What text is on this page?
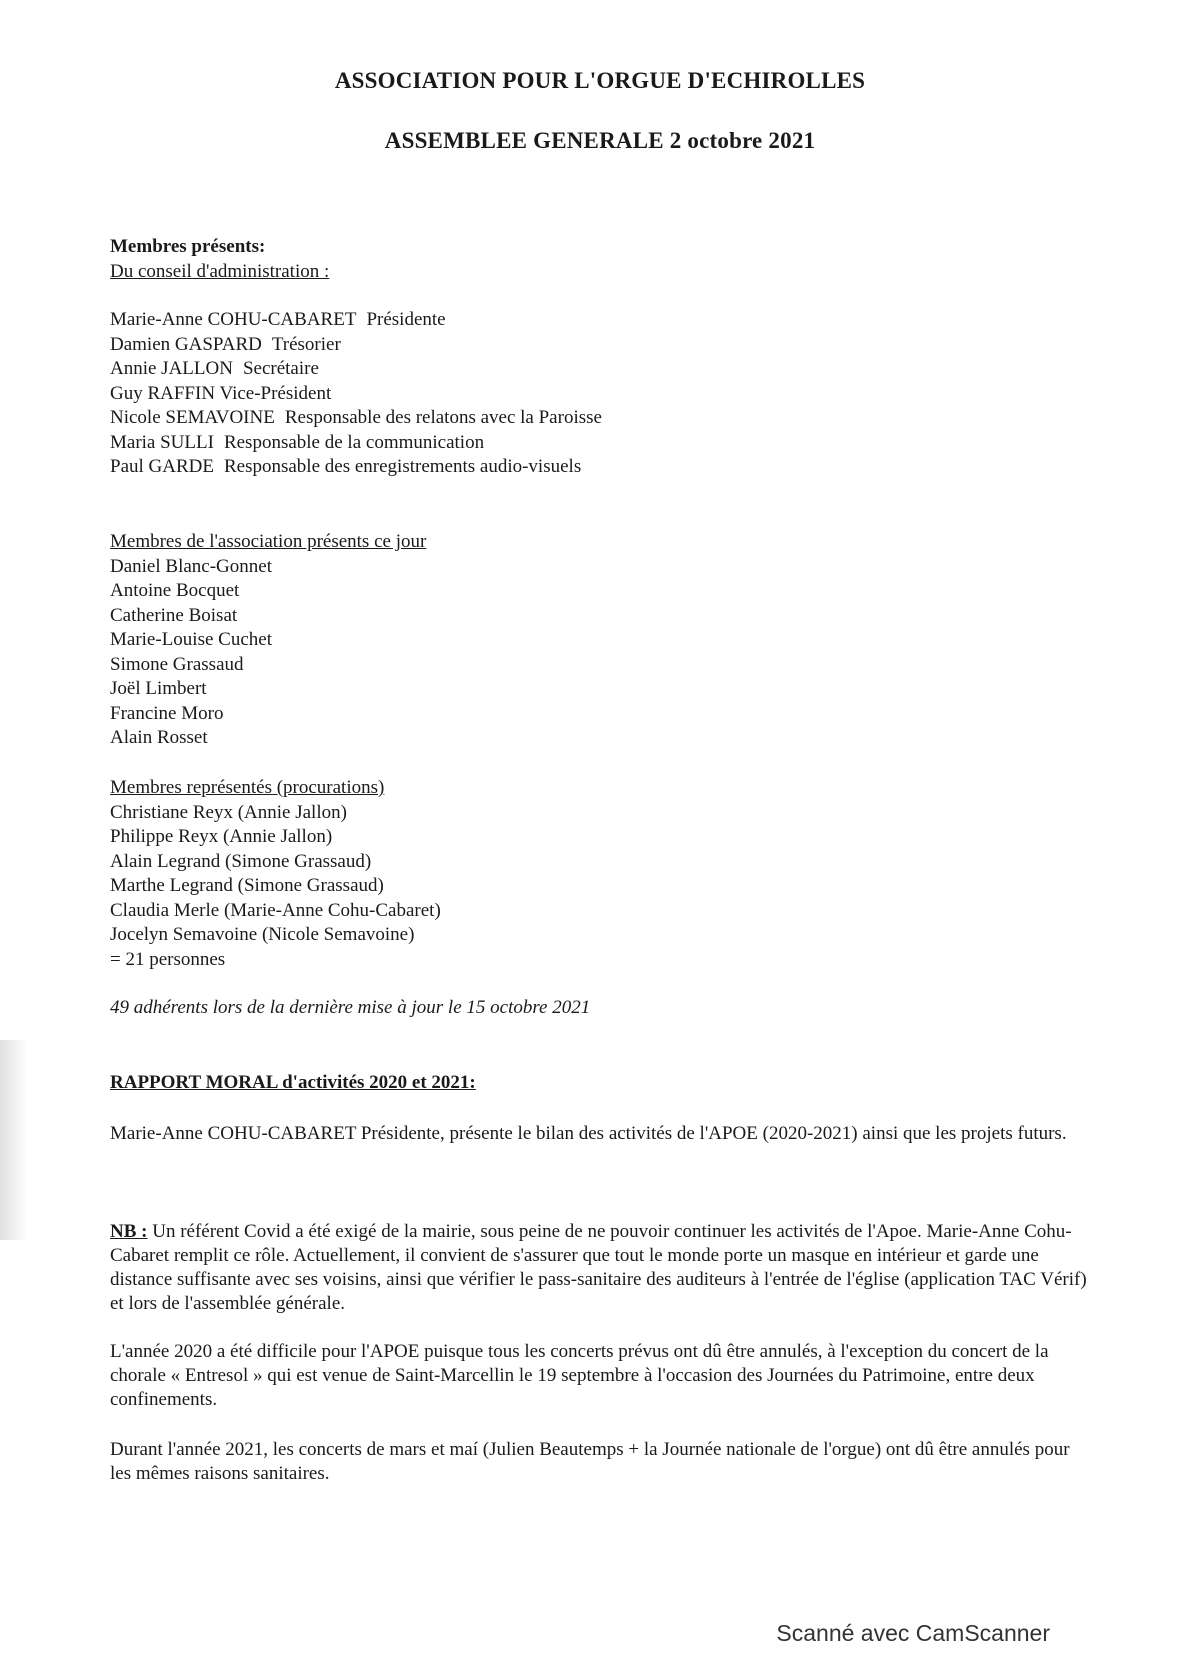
ASSOCIATION POUR L'ORGUE D'ECHIROLLES
ASSEMBLEE GENERALE 2 octobre 2021
Membres présents:
Du conseil d'administration :
Marie-Anne COHU-CABARET Présidente
Damien GASPARD Trésorier
Annie JALLON Secrétaire
Guy RAFFIN Vice-Président
Nicole SEMAVOINE Responsable des relatons avec la Paroisse
Maria SULLI Responsable de la communication
Paul GARDE Responsable des enregistrements audio-visuels
Membres de l'association présents ce jour
Daniel Blanc-Gonnet
Antoine Bocquet
Catherine Boisat
Marie-Louise Cuchet
Simone Grassaud
Joël Limbert
Francine Moro
Alain Rosset
Membres représentés (procurations)
Christiane Reyx (Annie Jallon)
Philippe Reyx (Annie Jallon)
Alain Legrand (Simone Grassaud)
Marthe Legrand (Simone Grassaud)
Claudia Merle (Marie-Anne Cohu-Cabaret)
Jocelyn Semavoine (Nicole Semavoine)
= 21 personnes
49 adhérents lors de la dernière mise à jour le 15 octobre 2021
RAPPORT MORAL d'activités 2020 et 2021:
Marie-Anne COHU-CABARET Présidente, présente le bilan des activités de l'APOE (2020-2021) ainsi que les projets futurs.
NB : Un référent Covid a été exigé de la mairie, sous peine de ne pouvoir continuer les activités de l'Apoe. Marie-Anne Cohu-Cabaret remplit ce rôle. Actuellement, il convient de s'assurer que tout le monde porte un masque en intérieur et garde une distance suffisante avec ses voisins, ainsi que vérifier le pass-sanitaire des auditeurs à l'entrée de l'église (application TAC Vérif) et lors de l'assemblée générale.
L'année 2020 a été difficile pour l'APOE puisque tous les concerts prévus ont dû être annulés, à l'exception du concert de la chorale « Entresol » qui est venue de Saint-Marcellin le 19 septembre à l'occasion des Journées du Patrimoine, entre deux confinements.
Durant l'année 2021, les concerts de mars et maí (Julien Beautemps + la Journée nationale de l'orgue) ont dû être annulés pour les mêmes raisons sanitaires.
Scanné avec CamScanner
